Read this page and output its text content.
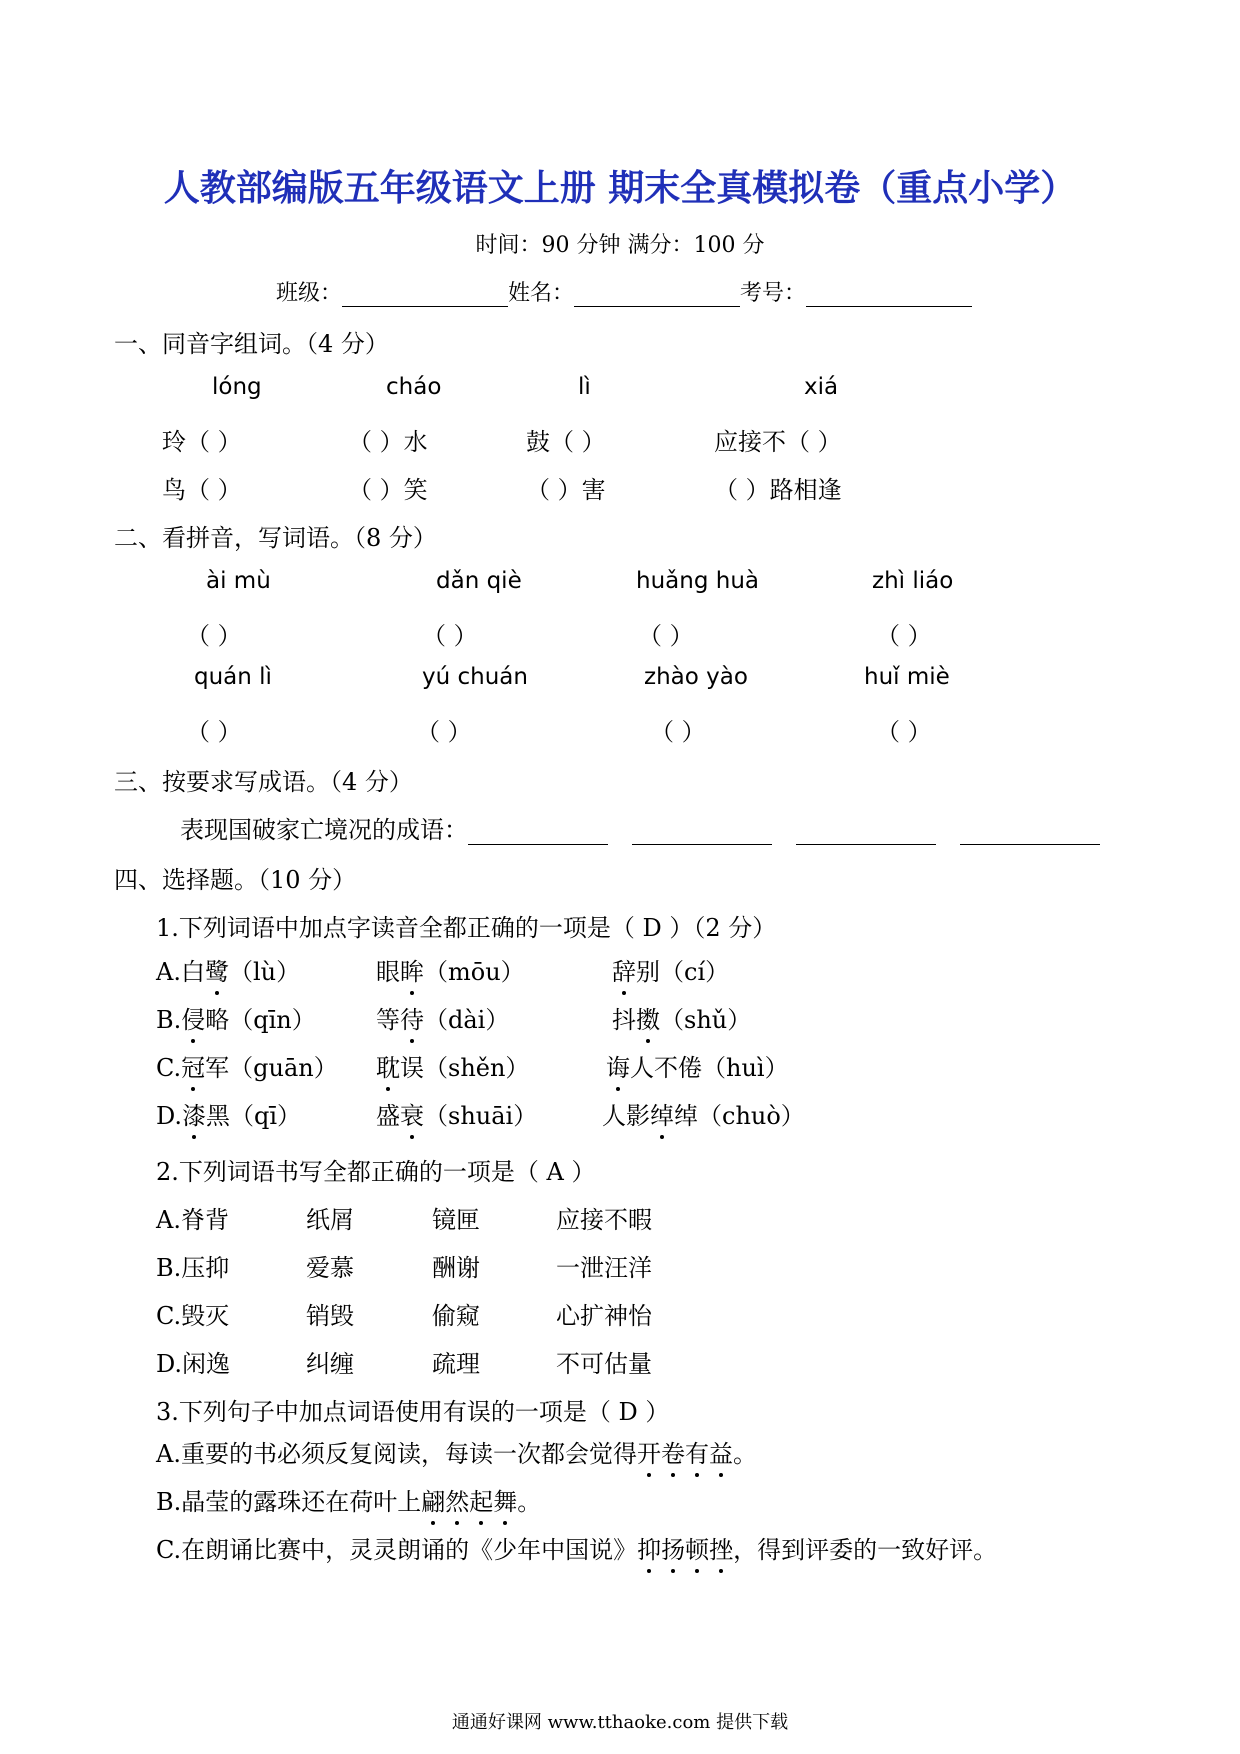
人教部编版五年级语文上册 期末全真模拟卷（重点小学）
时间：90 分钟 满分：100 分
班级：	姓名：	考号：
一、同音字组词。（4 分）
lóng	cháo	lì	xiá
玲（ ）	（ ）水	鼓（ ）	应接不（ ）
鸟（ ）	（ ）笑	（ ）害	（ ）路相逢
二、看拼音，写词语。（8 分）
ài mù	dǎn qiè	huǎng huà	zhì liáo
（ ）	（ ）	（ ）	（ ）
quán lì	yú chuán	zhào yào	huǐ miè
（ ）	（ ）	（ ）	（ ）
三、按要求写成语。（4 分）
表现国破家亡境况的成语：
四、选择题。（10 分）
1.下列词语中加点字读音全都正确的一项是（ D ）（2 分）
A.白鹭（lù）	眼眸（mōu）	辞别（cí）
B.侵略（qīn）	等待（dài）	抖擞（shǔ）
C.冠军（guān） 耽误（shěn）	诲人不倦（huì）
D.漆黑（qī）	盛衰（shuāi）	人影绰绰（chuò）
2.下列词语书写全都正确的一项是（ A ）
A.脊背	纸屑	镜匣	应接不暇
B.压抑	爱慕	酬谢	一泄汪洋
C.毁灭	销毁	偷窥	心扩神怡
D.闲逸	纠缠	疏理	不可估量
3.下列句子中加点词语使用有误的一项是（ D ）
A.重要的书必须反复阅读，每读一次都会觉得开卷有益。
B.晶莹的露珠还在荷叶上翩然起舞。
C.在朗诵比赛中，灵灵朗诵的《少年中国说》抑扬顿挫，得到评委的一致好评。
通通好课网 www.tthaoke.com 提供下载
